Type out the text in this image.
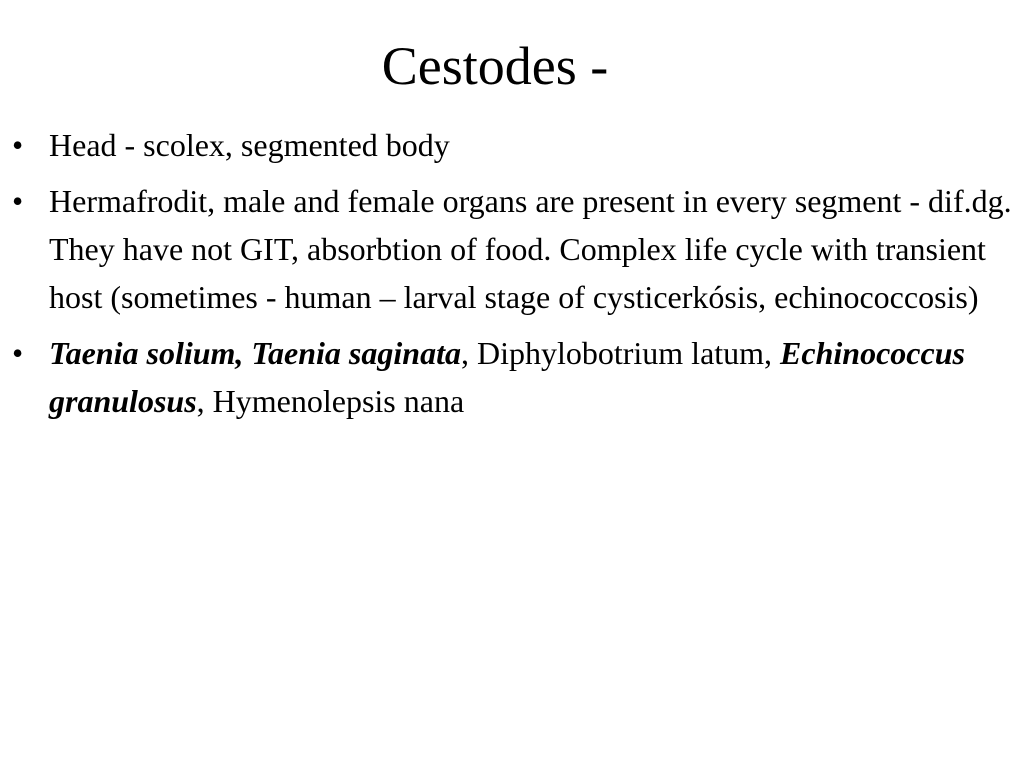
Cestodes -
• Head - scolex, segmented body
• Hermafrodit, male and female organs are present in every segment - dif.dg. They have not GIT, absorbtion of food. Complex life cycle with transient host (sometimes - human – larval stage of cysticerkósis, echinococcosis)
• Taenia solium, Taenia saginata, Diphylobotrium latum, Echinococcus granulosus, Hymenolepsis nana
